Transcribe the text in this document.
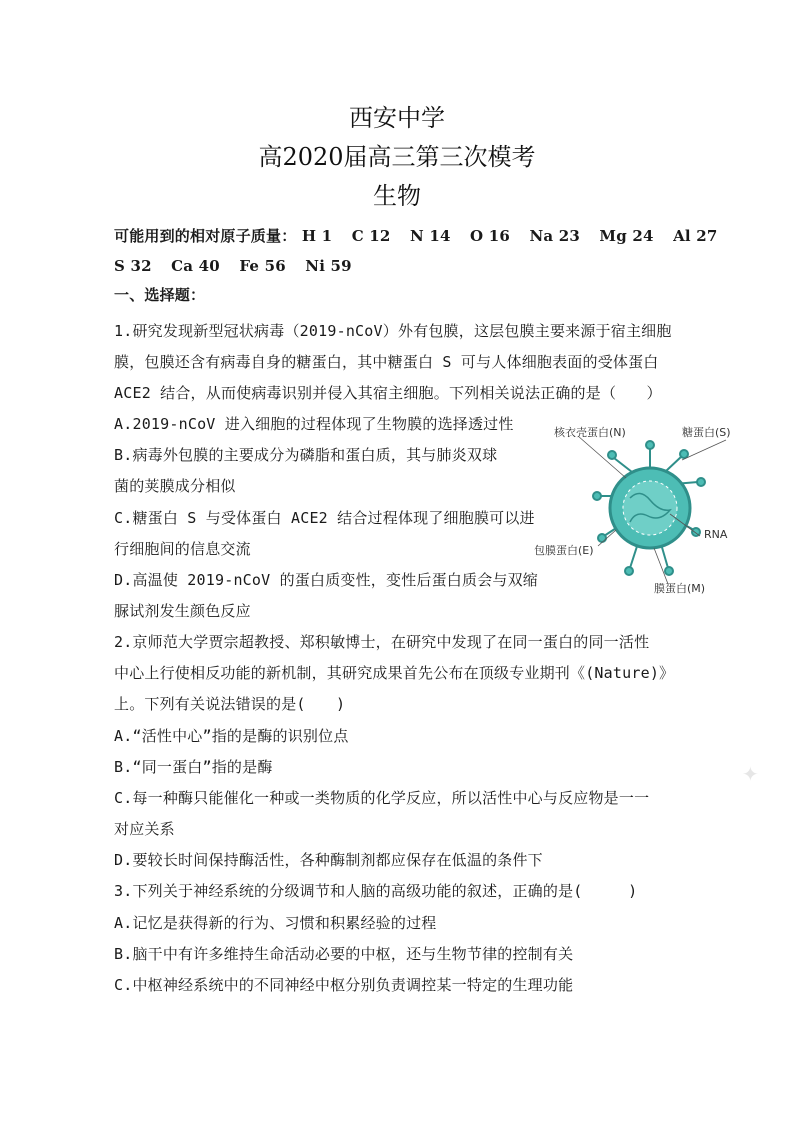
西安中学
高2020届高三第三次模考
生物
可能用到的相对原子质量： H 1 C 12 N 14 O 16 Na 23 Mg 24 Al 27
S 32 Ca 40 Fe 56 Ni 59
一、选择题：
1.研究发现新型冠状病毒（2019-nCoV）外有包膜，这层包膜主要来源于宿主细胞
膜，包膜还含有病毒自身的糖蛋白，其中糖蛋白 S 可与人体细胞表面的受体蛋白
ACE2 结合，从而使病毒识别并侵入其宿主细胞。下列相关说法正确的是（　　）
A.2019-nCoV 进入细胞的过程体现了生物膜的选择透过性
B.病毒外包膜的主要成分为磷脂和蛋白质，其与肺炎双球
菌的荚膜成分相似
C.糖蛋白 S 与受体蛋白 ACE2 结合过程体现了细胞膜可以进
行细胞间的信息交流
D.高温使 2019-nCoV 的蛋白质变性，变性后蛋白质会与双缩
脲试剂发生颜色反应
核衣壳蛋白(N)	糖蛋白(S)
RNA
包膜蛋白(E)
膜蛋白(M)
2.京师范大学贾宗超教授、郑积敏博士，在研究中发现了在同一蛋白的同一活性
中心上行使相反功能的新机制，其研究成果首先公布在顶级专业期刊《(Nature)》
上。下列有关说法错误的是(　　)
A.“活性中心”指的是酶的识别位点
B.“同一蛋白”指的是酶
C.每一种酶只能催化一种或一类物质的化学反应，所以活性中心与反应物是一一
对应关系
D.要较长时间保持酶活性，各种酶制剂都应保存在低温的条件下
3.下列关于神经系统的分级调节和人脑的高级功能的叙述，正确的是(　　　)
A.记忆是获得新的行为、习惯和积累经验的过程
B.脑干中有许多维持生命活动必要的中枢，还与生物节律的控制有关
C.中枢神经系统中的不同神经中枢分别负责调控某一特定的生理功能
✦
